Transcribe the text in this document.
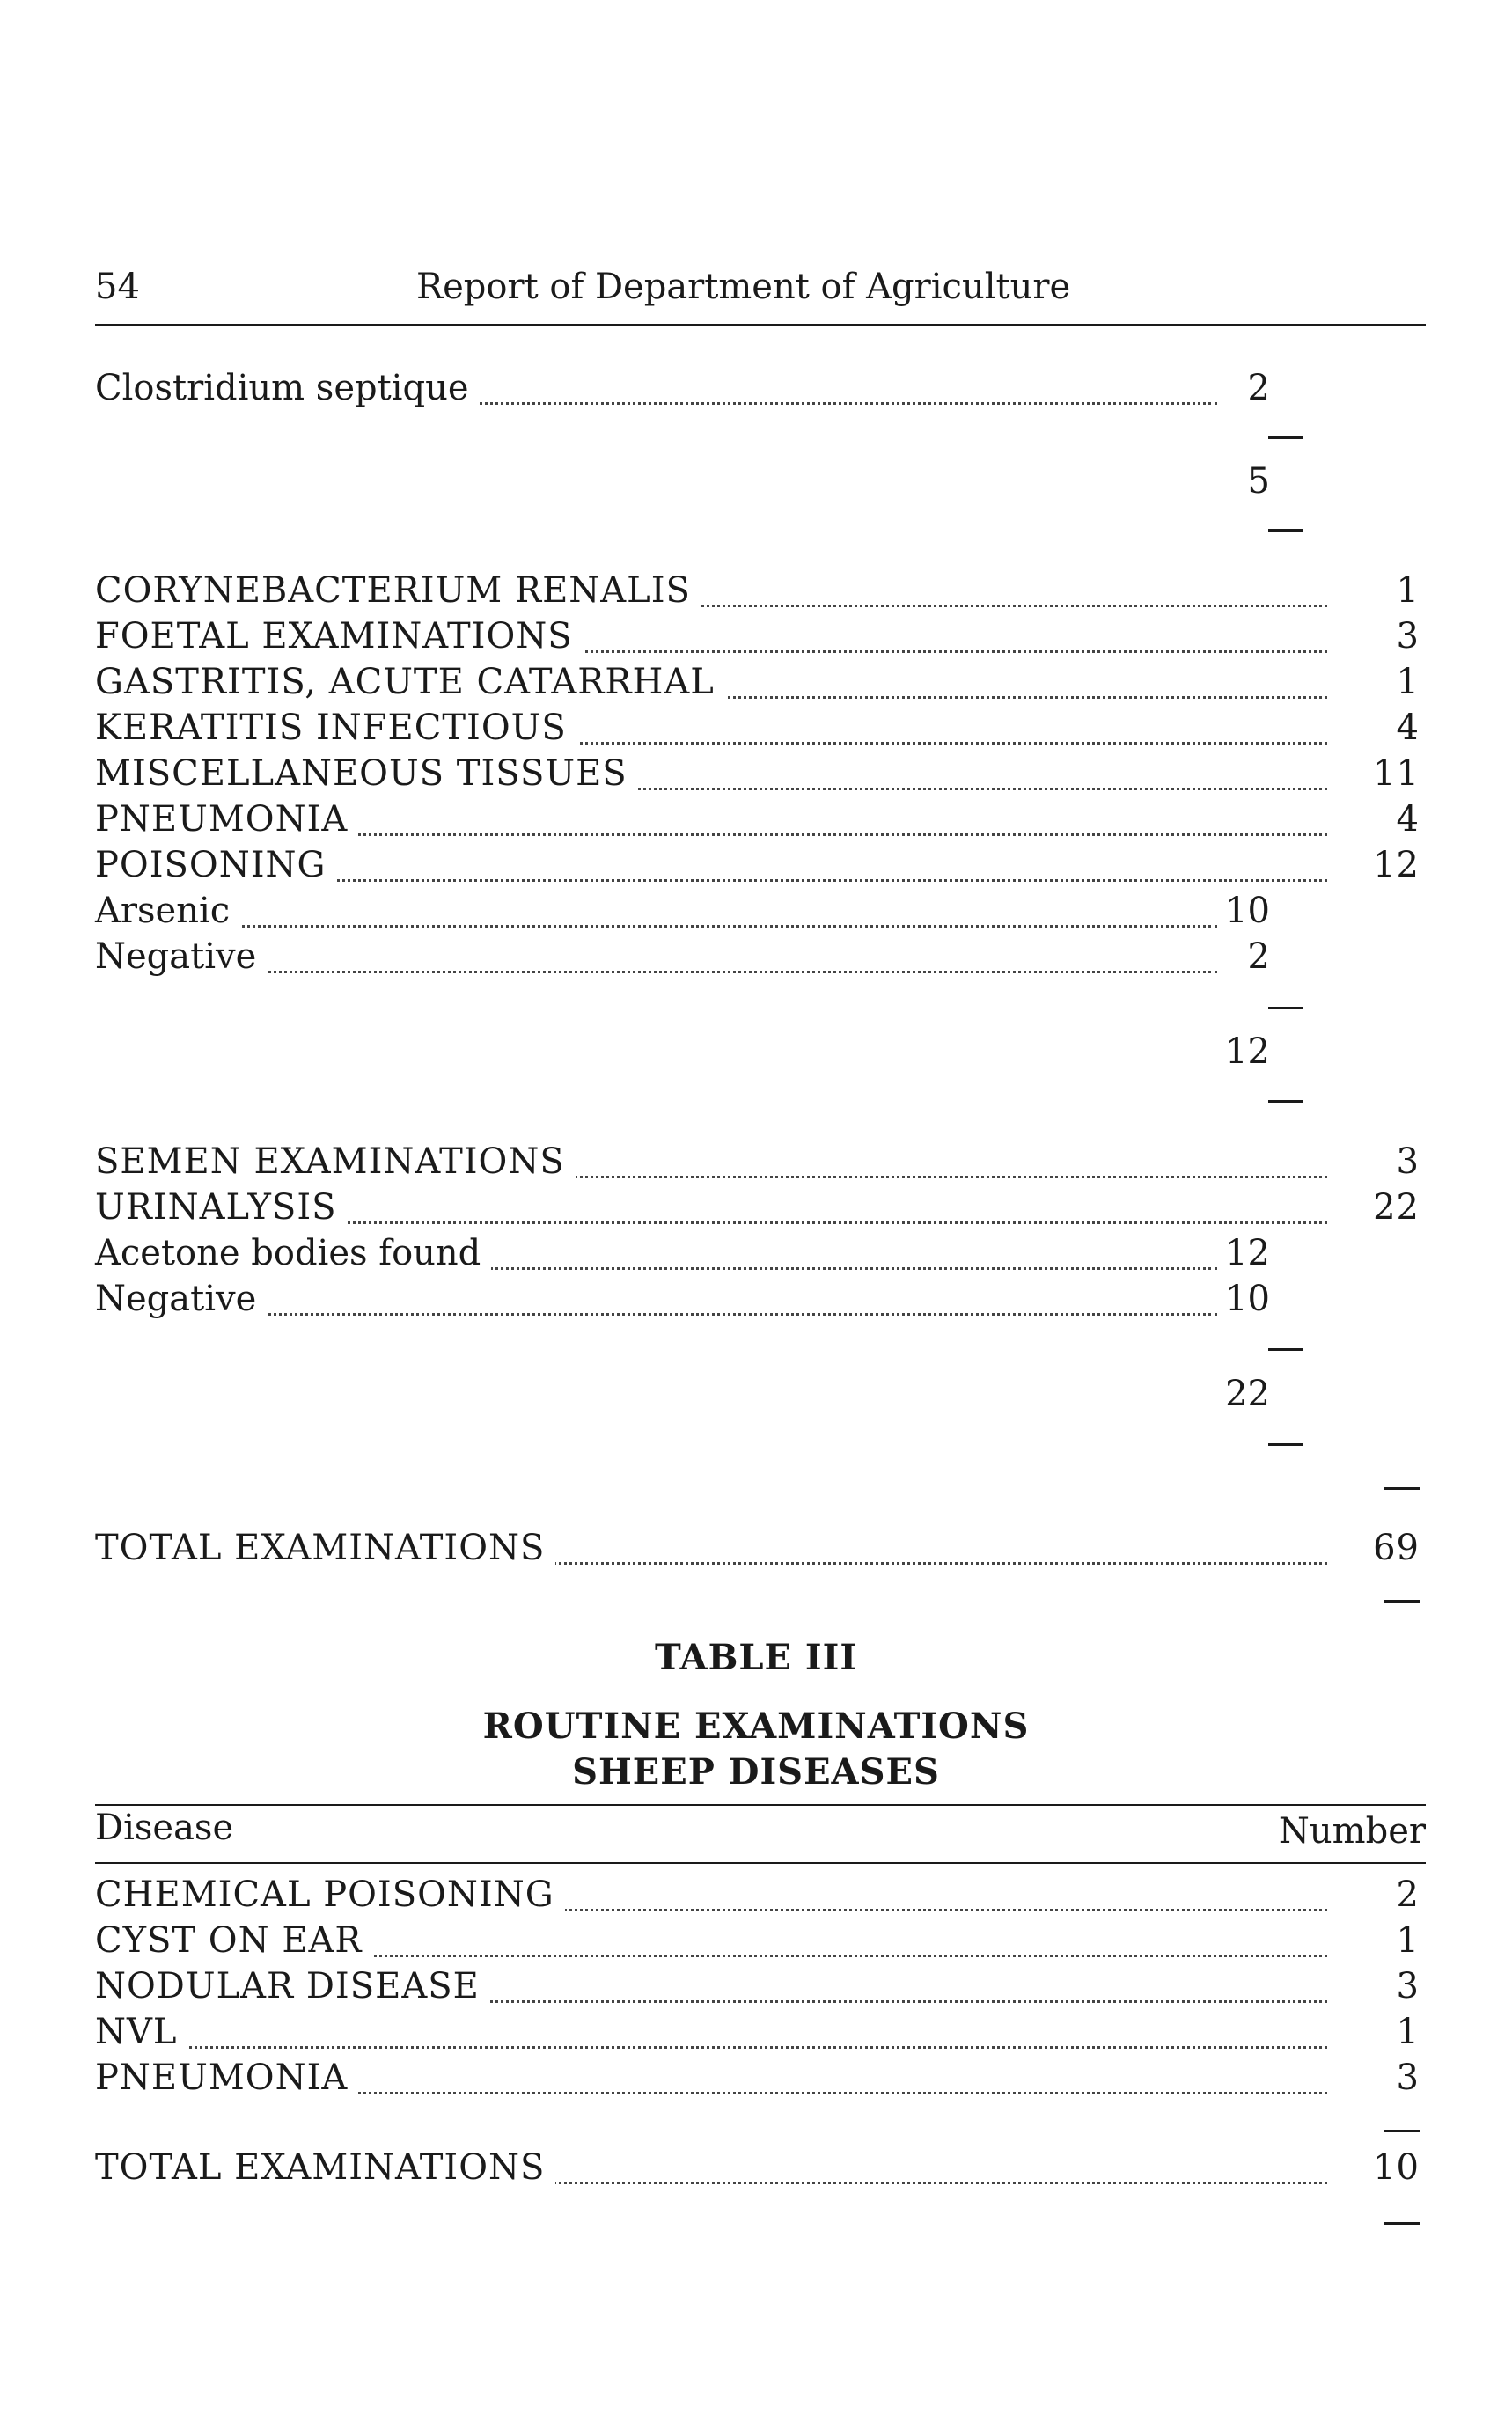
54	Report of Department of Agriculture
Clostridium septique	2
5
CORYNEBACTERIUM RENALIS	1
FOETAL EXAMINATIONS	3
GASTRITIS, ACUTE CATARRHAL	1
KERATITIS INFECTIOUS	4
MISCELLANEOUS TISSUES	11
PNEUMONIA	4
POISONING	12
Arsenic	10
Negative	2
12
SEMEN EXAMINATIONS	3
URINALYSIS	22
Acetone bodies found	12
Negative	10
22
TOTAL EXAMINATIONS	69
TABLE III
ROUTINE EXAMINATIONS
SHEEP DISEASES
Disease	Number
CHEMICAL POISONING	2
CYST ON EAR	1
NODULAR DISEASE	3
NVL	1
PNEUMONIA	3
TOTAL EXAMINATIONS	10
